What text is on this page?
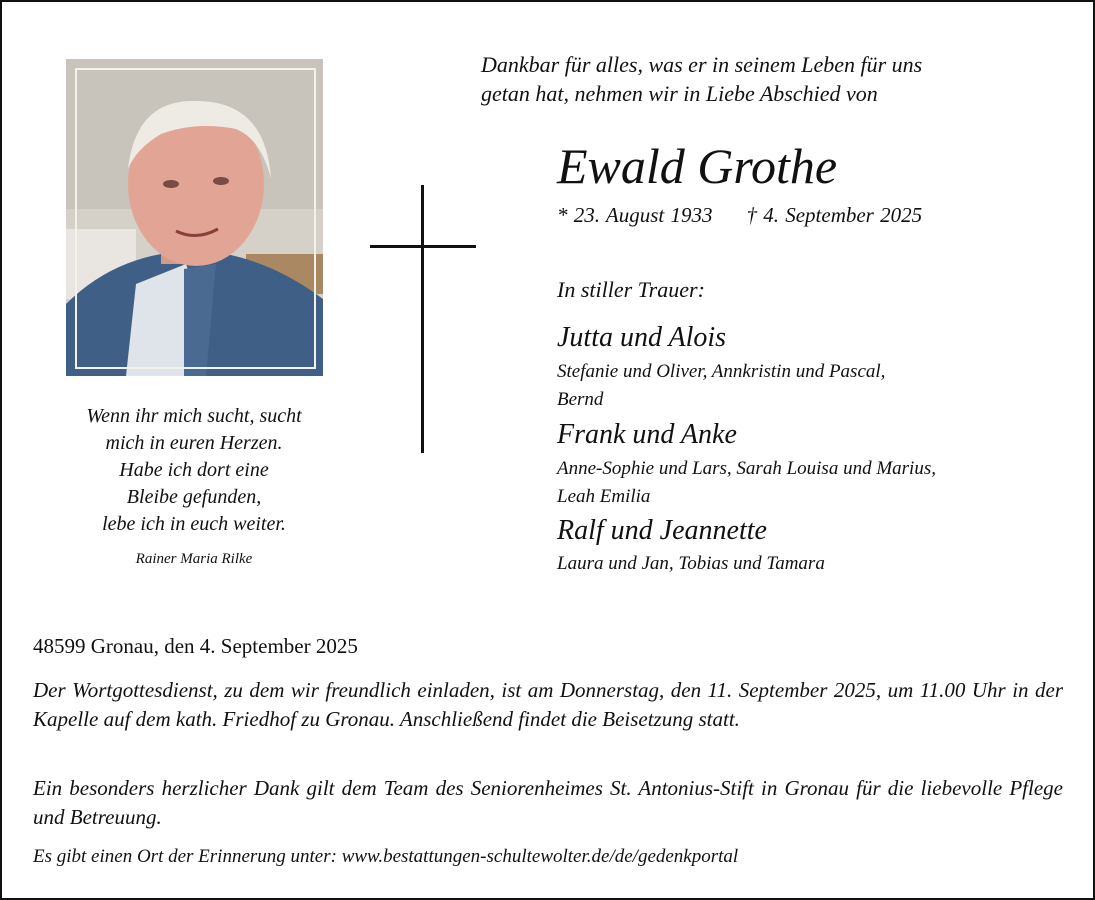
Dankbar für alles, was er in seinem Leben für uns
getan hat, nehmen wir in Liebe Abschied von
Ewald Grothe
* 23. August 1933 † 4. September 2025
In stiller Trauer:
Jutta und Alois
Stefanie und Oliver, Annkristin und Pascal,
Bernd
Frank und Anke
Anne-Sophie und Lars, Sarah Louisa und Marius,
Leah Emilia
Ralf und Jeannette
Laura und Jan, Tobias und Tamara
Wenn ihr mich sucht, sucht
mich in euren Herzen.
Habe ich dort eine
Bleibe gefunden,
lebe ich in euch weiter.
Rainer Maria Rilke
48599 Gronau, den 4. September 2025
Der Wortgottesdienst, zu dem wir freundlich einladen, ist am Donnerstag, den 11. September 2025, um 11.00 Uhr in der Kapelle auf dem kath. Friedhof zu Gronau. Anschließend findet die Beisetzung statt.
Ein besonders herzlicher Dank gilt dem Team des Seniorenheimes St. Antonius-Stift in Gronau für die liebevolle Pflege und Betreuung.
Es gibt einen Ort der Erinnerung unter: www.bestattungen-schultewolter.de/de/gedenkportal
